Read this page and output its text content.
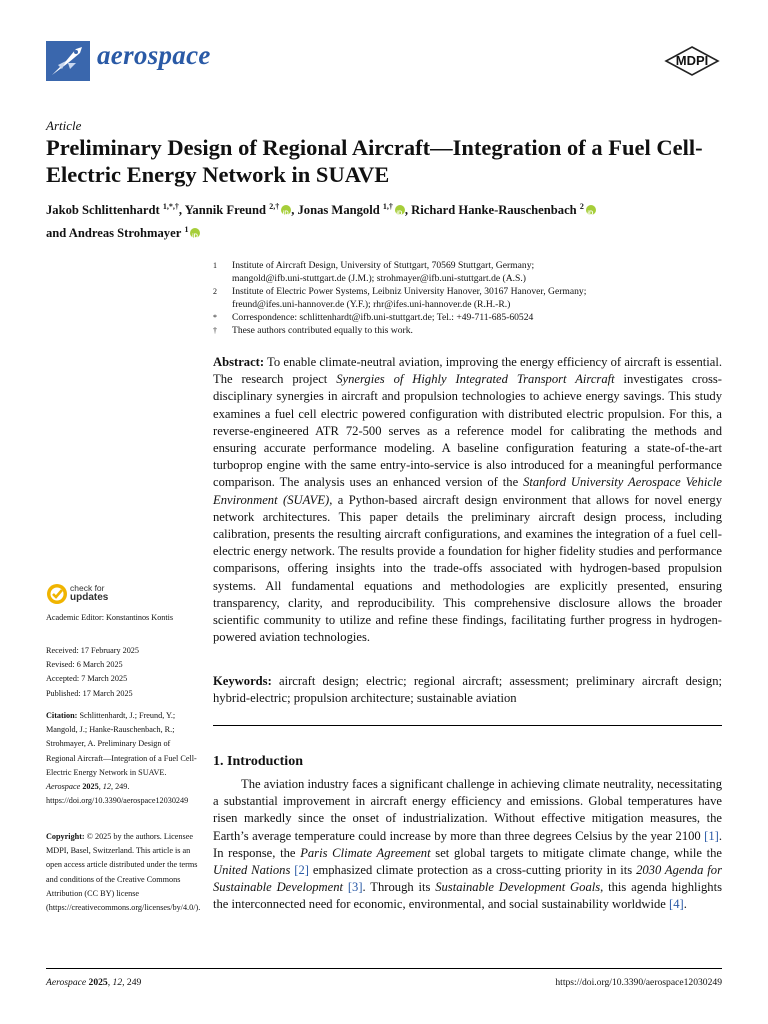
aerospace	MDPI
Article
Preliminary Design of Regional Aircraft—Integration of a Fuel Cell-Electric Energy Network in SUAVE
Jakob Schlittenhardt $^{1,*,\dagger}$, Yannik Freund $^{2,\dagger}$ iD , Jonas Mangold $^{1,\dagger}$ iD , Richard Hanke-Rauschenbach $^2$iD
and Andreas Strohmayer $^1$iD
1	Institute of Aircraft Design, University of Stuttgart, 70569 Stuttgart, Germany;
mangold@ifb.uni-stuttgart.de (J.M.); strohmayer@ifb.uni-stuttgart.de (A.S.)
2	Institute of Electric Power Systems, Leibniz University Hanover, 30167 Hanover, Germany;
freund@ifes.uni-hannover.de (Y.F.); rhr@ifes.uni-hannover.de (R.H.-R.)
*	Correspondence: schlittenhardt@ifb.uni-stuttgart.de; Tel.: +49-711-685-60524
†	These authors contributed equally to this work.
Abstract: To enable climate-neutral aviation, improving the energy efficiency of aircraft is essential. The research project Synergies of Highly Integrated Transport Aircraft investigates cross-disciplinary synergies in aircraft and propulsion technologies to achieve energy savings. This study examines a fuel cell electric powered configuration with distributed electric propulsion. For this, a reverse-engineered ATR 72-500 serves as a reference model for calibrating the methods and ensuring accurate performance modeling. A baseline configuration featuring a state-of-the-art turboprop engine with the same entry-into-service is also introduced for a meaningful performance comparison. The analysis uses an enhanced version of the Stanford University Aerospace Vehicle Environment (SUAVE), a Python-based aircraft design environment that allows for novel energy network architectures. This paper details the preliminary aircraft design process, including calibration, presents the resulting aircraft configurations, and examines the integration of a fuel cell-electric energy network. The results provide a foundation for higher fidelity studies and performance comparisons, offering insights into the trade-offs associated with hydrogen-based propulsion systems. All fundamental equations and methodologies are explicitly presented, ensuring transparency, clarity, and reproducibility. This comprehensive disclosure allows the broader scientific community to utilize and refine these findings, facilitating further progress in hydrogen-powered aviation technologies.
Keywords: aircraft design; electric; regional aircraft; assessment; preliminary aircraft design; hybrid-electric; propulsion architecture; sustainable aviation
1. Introduction
The aviation industry faces a significant challenge in achieving climate neutrality, necessitating a substantial improvement in aircraft energy efficiency and emissions. Global temperatures have risen markedly since the onset of industrialization. Without effective mitigation measures, the Earth’s average temperature could increase by more than three degrees Celsius by the year 2100 [1]. In response, the Paris Climate Agreement set global targets to mitigate climate change, while the United Nations [2] emphasized climate protection as a cross-cutting priority in its 2030 Agenda for Sustainable Development [3]. Through its Sustainable Development Goals, this agenda highlights the interconnected need for economic, environmental, and social sustainability worldwide [4].
check for
updates
Academic Editor: Konstantinos Kontis
Received: 17 February 2025
Revised: 6 March 2025
Accepted: 7 March 2025
Published: 17 March 2025
Citation: Schlittenhardt, J.; Freund, Y.; Mangold, J.; Hanke-Rauschenbach, R.; Strohmayer, A. Preliminary Design of Regional Aircraft—Integration of a Fuel Cell-Electric Energy Network in SUAVE. Aerospace 2025, 12, 249. https://doi.org/10.3390/aerospace12030249
Copyright: © 2025 by the authors. Licensee MDPI, Basel, Switzerland. This article is an open access article distributed under the terms and conditions of the Creative Commons Attribution (CC BY) license (https://creativecommons.org/licenses/by/4.0/).
Aerospace 2025, 12, 249	https://doi.org/10.3390/aerospace12030249
